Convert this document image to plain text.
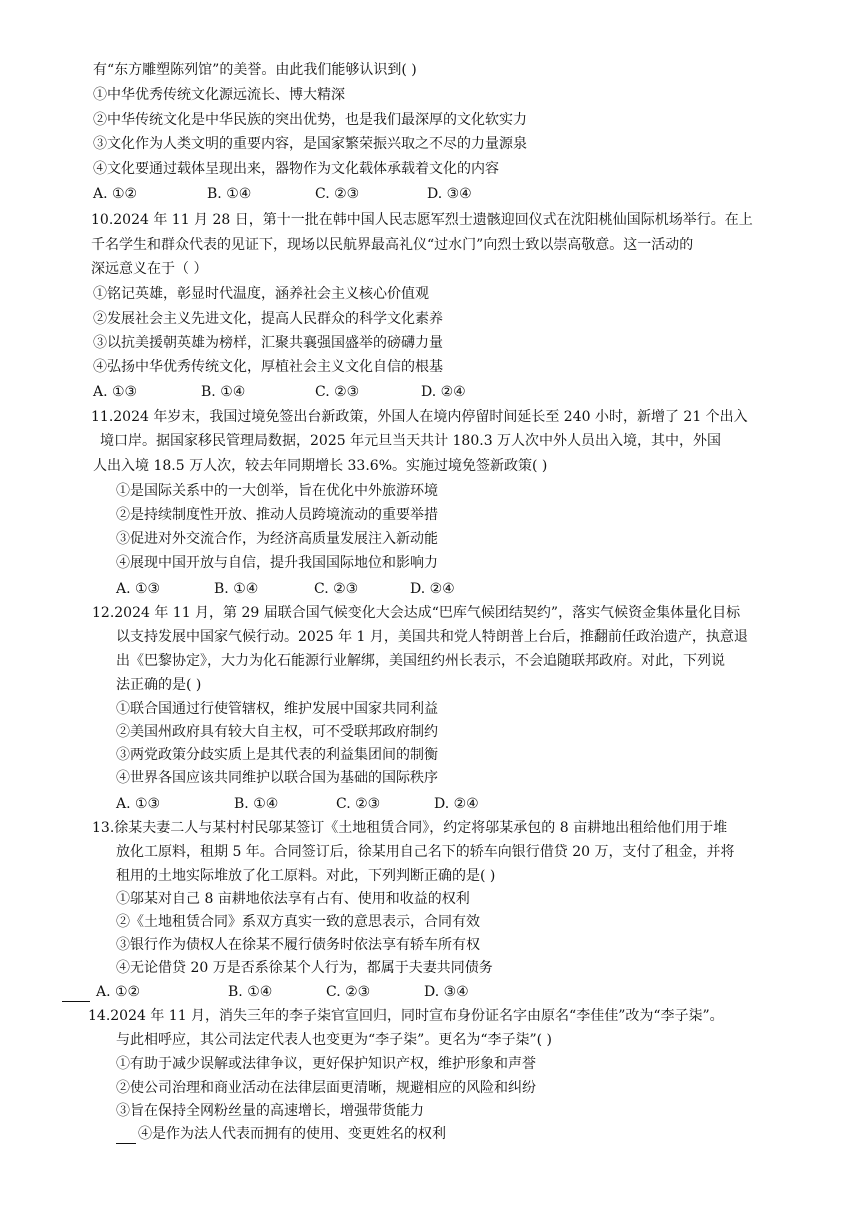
有“东方雕塑陈列馆”的美誉。由此我们能够认识到( )
①中华优秀传统文化源远流长、博大精深
②中华传统文化是中华民族的突出优势，也是我们最深厚的文化软实力
③文化作为人类文明的重要内容，是国家繁荣振兴取之不尽的力量源泉
④文化要通过载体呈现出来，器物作为文化载体承载着文化的内容
A. ①②	B. ①④	C. ②③	D. ③④
10.2024 年 11 月 28 日，第十一批在韩中国人民志愿军烈士遗骸迎回仪式在沈阳桃仙国际机场举行。在上
千名学生和群众代表的见证下，现场以民航界最高礼仪“过水门”向烈士致以崇高敬意。这一活动的
深远意义在于（ ）
①铭记英雄，彰显时代温度，涵养社会主义核心价值观
②发展社会主义先进文化，提高人民群众的科学文化素养
③以抗美援朝英雄为榜样，汇聚共襄强国盛举的磅礴力量
④弘扬中华优秀传统文化，厚植社会主义文化自信的根基
A. ①③	B. ①④	C. ②③	D. ②④
11.2024 年岁末，我国过境免签出台新政策，外国人在境内停留时间延长至 240 小时，新增了 21 个出入
境口岸。据国家移民管理局数据，2025 年元旦当天共计 180.3 万人次中外人员出入境，其中，外国
人出入境 18.5 万人次，较去年同期增长 33.6%。实施过境免签新政策( )
①是国际关系中的一大创举，旨在优化中外旅游环境
②是持续制度性开放、推动人员跨境流动的重要举措
③促进对外交流合作，为经济高质量发展注入新动能
④展现中国开放与自信，提升我国国际地位和影响力
A. ①③	B. ①④	C. ②③	D. ②④
12.2024 年 11 月，第 29 届联合国气候变化大会达成“巴库气候团结契约”，落实气候资金集体量化目标
以支持发展中国家气候行动。2025 年 1 月，美国共和党人特朗普上台后，推翻前任政治遗产，执意退
出《巴黎协定》，大力为化石能源行业解绑，美国纽约州长表示，不会追随联邦政府。对此，下列说
法正确的是( )
①联合国通过行使管辖权，维护发展中国家共同利益
②美国州政府具有较大自主权，可不受联邦政府制约
③两党政策分歧实质上是其代表的利益集团间的制衡
④世界各国应该共同维护以联合国为基础的国际秩序
A. ①③	B. ①④	C. ②③	D. ②④
13.徐某夫妻二人与某村村民邬某签订《土地租赁合同》，约定将邬某承包的 8 亩耕地出租给他们用于堆
放化工原料，租期 5 年。合同签订后，徐某用自己名下的轿车向银行借贷 20 万，支付了租金，并将
租用的土地实际堆放了化工原料。对此，下列判断正确的是( )
①邬某对自己 8 亩耕地依法享有占有、使用和收益的权利
②《土地租赁合同》系双方真实一致的意思表示，合同有效
③银行作为债权人在徐某不履行债务时依法享有轿车所有权
④无论借贷 20 万是否系徐某个人行为，都属于夫妻共同债务
A. ①②	B. ①④	C. ②③	D. ③④
14.2024 年 11 月，消失三年的李子柒官宣回归，同时宣布身份证名字由原名“李佳佳”改为“李子柒”。
与此相呼应，其公司法定代表人也变更为“李子柒”。更名为“李子柒”( )
①有助于减少误解或法律争议，更好保护知识产权，维护形象和声誉
②使公司治理和商业活动在法律层面更清晰，规避相应的风险和纠纷
③旨在保持全网粉丝量的高速增长，增强带货能力
④是作为法人代表而拥有的使用、变更姓名的权利
